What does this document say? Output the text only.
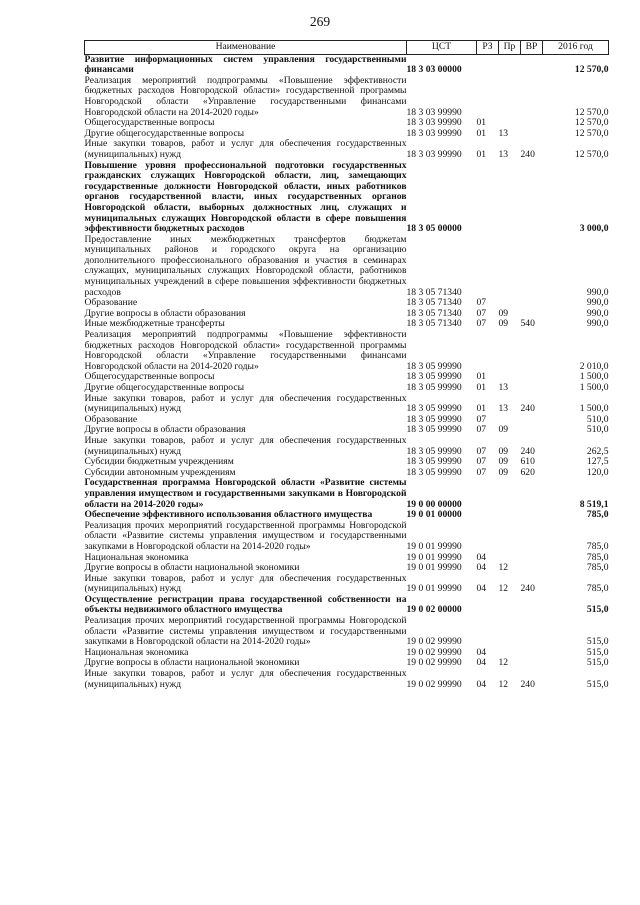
269
Наименование	ЦСТ	РЗ	Пр	ВР	2016 год
Развитие информационных систем управления государственными финансами	18 3 03 00000				12 570,0
Реализация мероприятий подпрограммы «Повышение эффективности бюджетных расходов Новгородской области» государственной программы Новгородской области «Управление государственными финансами Новгородской области на 2014-2020 годы»	18 3 03 99990				12 570,0
Общегосударственные вопросы	18 3 03 99990	01			12 570,0
Другие общегосударственные вопросы	18 3 03 99990	01	13		12 570,0
Иные закупки товаров, работ и услуг для обеспечения государственных (муниципальных) нужд	18 3 03 99990	01	13	240	12 570,0
Повышение уровня профессиональной подготовки государственных гражданских служащих Новгородской области, лиц, замещающих государственные должности Новгородской области, иных работников органов государственной власти, иных государственных органов Новгородской области, выборных должностных лиц, служащих и муниципальных служащих Новгородской области в сфере повышения эффективности бюджетных расходов	18 3 05 00000				3 000,0
Предоставление иных межбюджетных трансфертов бюджетам муниципальных районов и городского округа на организацию дополнительного профессионального образования и участия в семинарах служащих, муниципальных служащих Новгородской области, работников муниципальных учреждений в сфере повышения эффективности бюджетных расходов	18 3 05 71340				990,0
Образование	18 3 05 71340	07			990,0
Другие вопросы в области образования	18 3 05 71340	07	09		990,0
Иные межбюджетные трансферты	18 3 05 71340	07	09	540	990,0
Реализация мероприятий подпрограммы «Повышение эффективности бюджетных расходов Новгородской области» государственной программы Новгородской области «Управление государственными финансами Новгородской области на 2014-2020 годы»	18 3 05 99990				2 010,0
Общегосударственные вопросы	18 3 05 99990	01			1 500,0
Другие общегосударственные вопросы	18 3 05 99990	01	13		1 500,0
Иные закупки товаров, работ и услуг для обеспечения государственных (муниципальных) нужд	18 3 05 99990	01	13	240	1 500,0
Образование	18 3 05 99990	07			510,0
Другие вопросы в области образования	18 3 05 99990	07	09		510,0
Иные закупки товаров, работ и услуг для обеспечения государственных (муниципальных) нужд	18 3 05 99990	07	09	240	262,5
Субсидии бюджетным учреждениям	18 3 05 99990	07	09	610	127,5
Субсидии автономным учреждениям	18 3 05 99990	07	09	620	120,0
Государственная программа Новгородской области «Развитие системы управления имуществом и государственными закупками в Новгородской области на 2014-2020 годы»	19 0 00 00000				8 519,1
Обеспечение эффективного использования областного имущества	19 0 01 00000				785,0
Реализация прочих мероприятий государственной программы Новгородской области «Развитие системы управления имуществом и государственными закупками в Новгородской области на 2014-2020 годы»	19 0 01 99990				785,0
Национальная экономика	19 0 01 99990	04			785,0
Другие вопросы в области национальной экономики	19 0 01 99990	04	12		785,0
Иные закупки товаров, работ и услуг для обеспечения государственных (муниципальных) нужд	19 0 01 99990	04	12	240	785,0
Осуществление регистрации права государственной собственности на объекты недвижимого областного имущества	19 0 02 00000				515,0
Реализация прочих мероприятий государственной программы Новгородской области «Развитие системы управления имуществом и государственными закупками в Новгородской области на 2014-2020 годы»	19 0 02 99990				515,0
Национальная экономика	19 0 02 99990	04			515,0
Другие вопросы в области национальной экономики	19 0 02 99990	04	12		515,0
Иные закупки товаров, работ и услуг для обеспечения государственных (муниципальных) нужд	19 0 02 99990	04	12	240	515,0
